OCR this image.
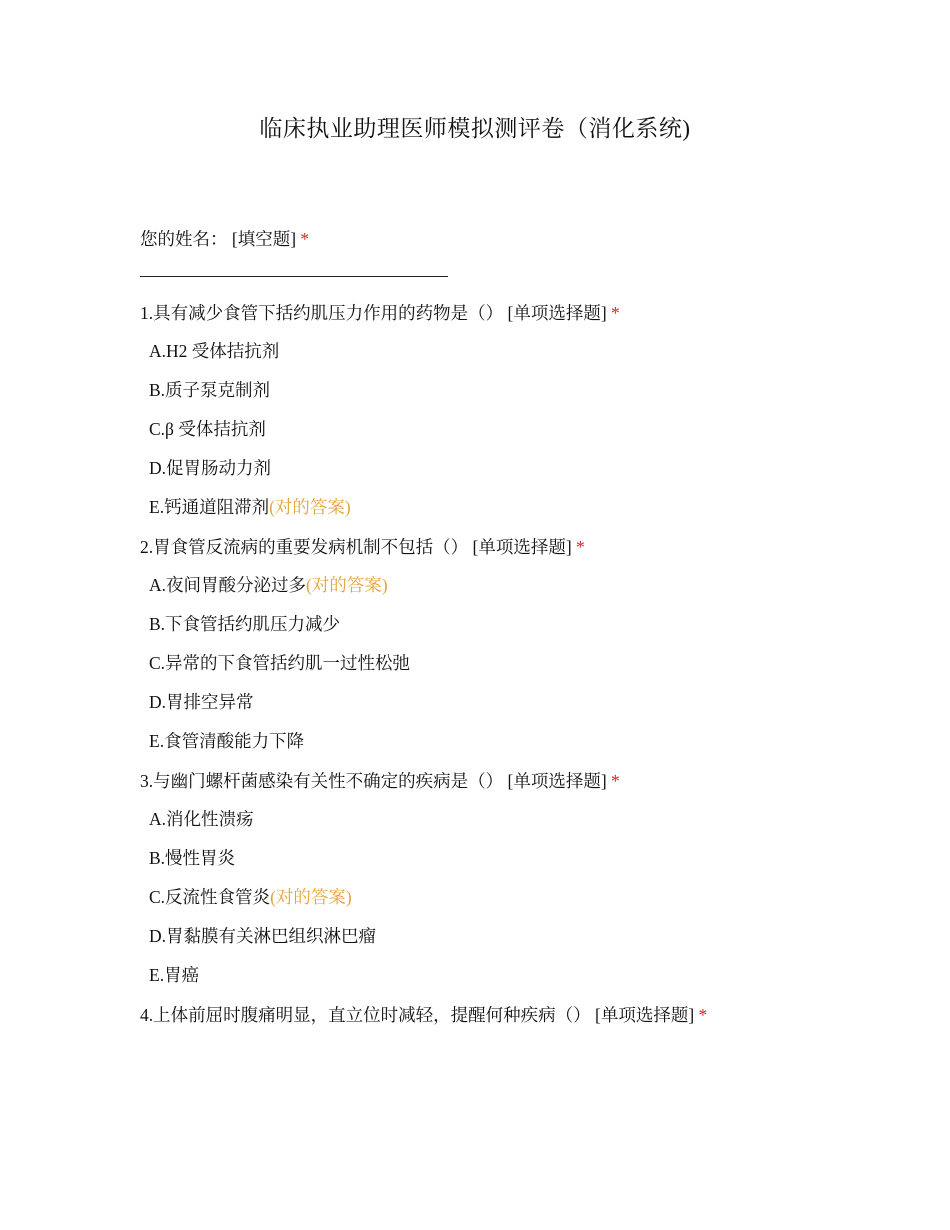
临床执业助理医师模拟测评卷（消化系统)
您的姓名： [填空题] *
1.具有减少食管下括约肌压力作用的药物是（） [单项选择题] *
A.H2 受体拮抗剂
B.质子泵克制剂
C.β 受体拮抗剂
D.促胃肠动力剂
E.钙通道阻滞剂(对的答案)
2.胃食管反流病的重要发病机制不包括（） [单项选择题] *
A.夜间胃酸分泌过多(对的答案)
B.下食管括约肌压力减少
C.异常的下食管括约肌一过性松弛
D.胃排空异常
E.食管清酸能力下降
3.与幽门螺杆菌感染有关性不确定的疾病是（） [单项选择题] *
A.消化性溃疡
B.慢性胃炎
C.反流性食管炎(对的答案)
D.胃黏膜有关淋巴组织淋巴瘤
E.胃癌
4.上体前屈时腹痛明显，直立位时减轻，提醒何种疾病（） [单项选择题] *
